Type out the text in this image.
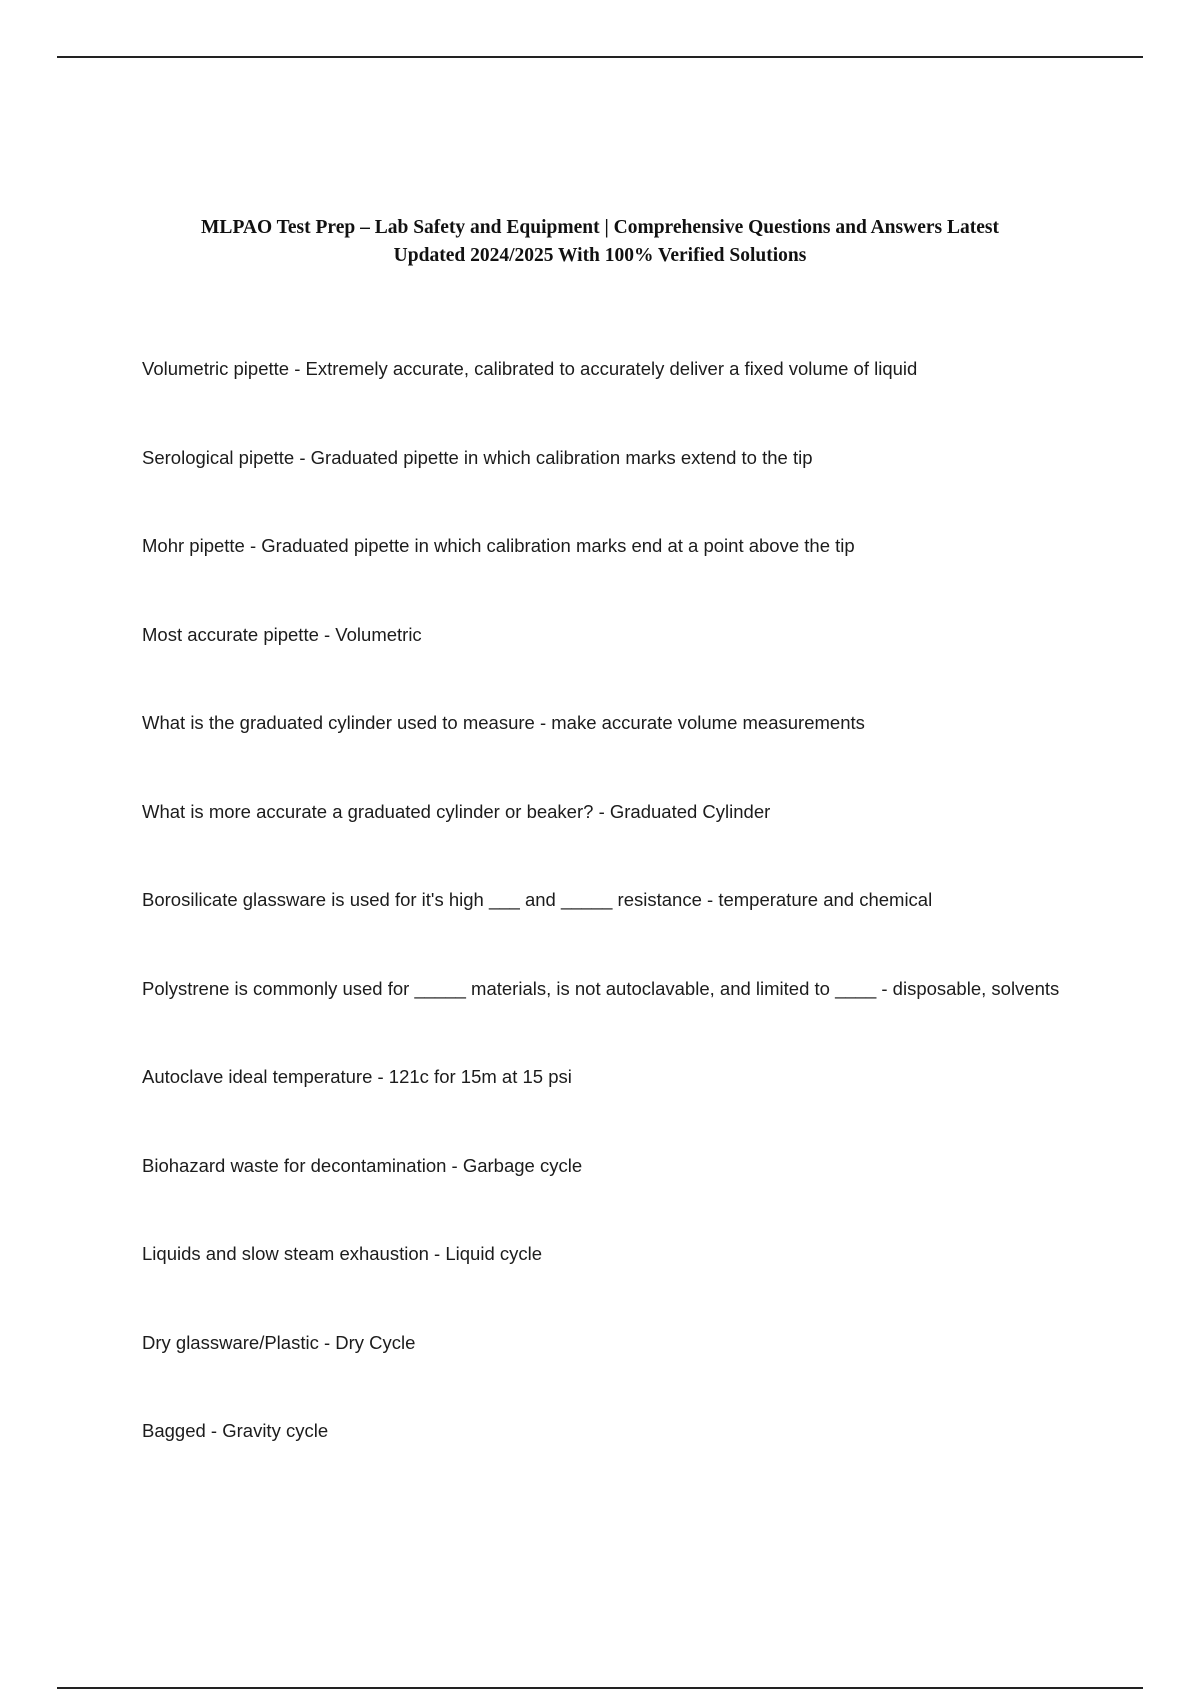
MLPAO Test Prep – Lab Safety and Equipment | Comprehensive Questions and Answers Latest
Updated 2024/2025 With 100% Verified Solutions
Volumetric pipette - Extremely accurate, calibrated to accurately deliver a fixed volume of liquid
Serological pipette - Graduated pipette in which calibration marks extend to the tip
Mohr pipette - Graduated pipette in which calibration marks end at a point above the tip
Most accurate pipette - Volumetric
What is the graduated cylinder used to measure - make accurate volume measurements
What is more accurate a graduated cylinder or beaker? - Graduated Cylinder
Borosilicate glassware is used for it's high ___ and _____ resistance - temperature and chemical
Polystrene is commonly used for _____ materials, is not autoclavable, and limited to ____ - disposable, solvents
Autoclave ideal temperature - 121c for 15m at 15 psi
Biohazard waste for decontamination - Garbage cycle
Liquids and slow steam exhaustion - Liquid cycle
Dry glassware/Plastic - Dry Cycle
Bagged - Gravity cycle
